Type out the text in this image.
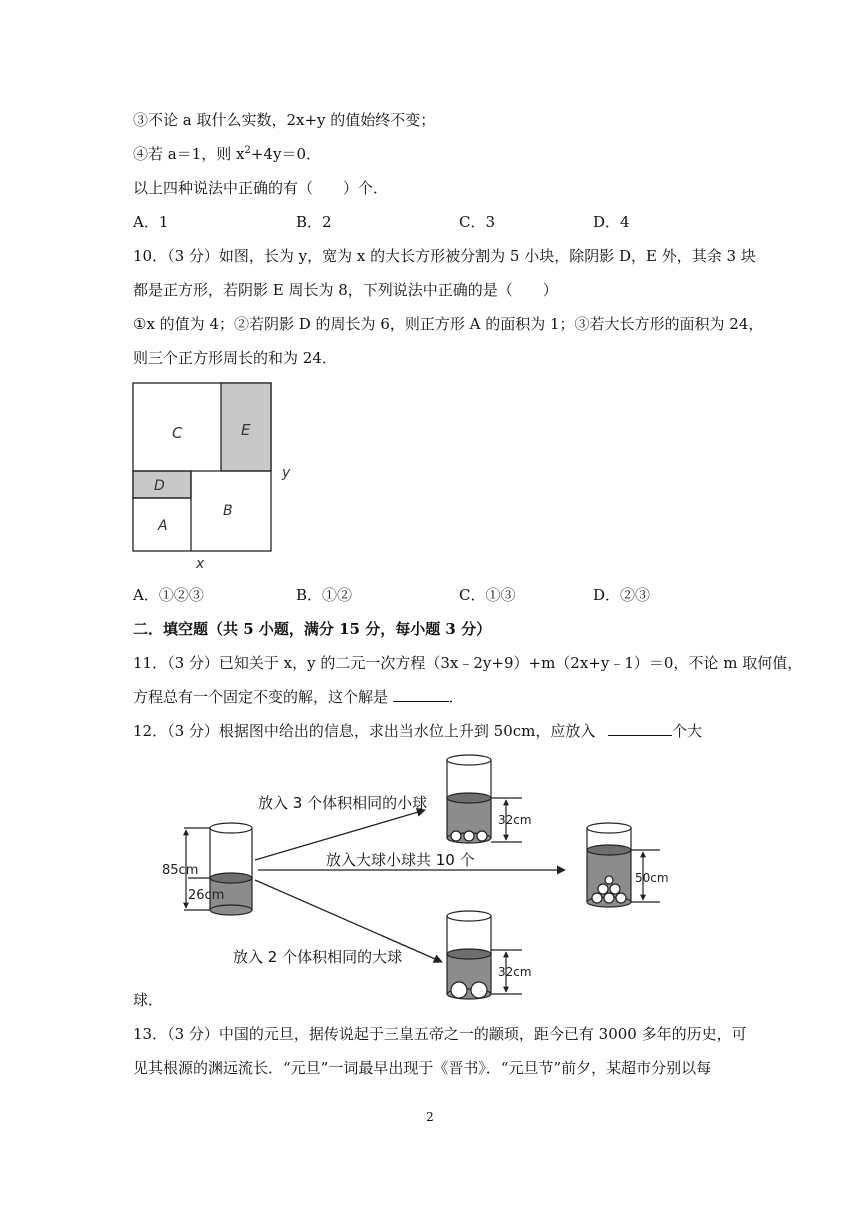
③不论 a 取什么实数，2x+y 的值始终不变；
④若 a＝1，则 $x^2+4y=0$．
以上四种说法中正确的有（　　）个．
A．1	B．2	C．3	D．4
10．（3 分）如图，长为 y，宽为 x 的大长方形被分割为 5 小块，除阴影 D，E 外，其余 3 块
都是正方形，若阴影 E 周长为 8，下列说法中正确的是（　　）
①x 的值为 4；②若阴影 D 的周长为 6，则正方形 A 的面积为 1；③若大长方形的面积为 24，
则三个正方形周长的和为 24．
C	E
D
A
B
x
y
A．①②③	B．①②	C．①③	D．②③
二．填空题（共 5 小题，满分 15 分，每小题 3 分）
11．（3 分）已知关于 x，y 的二元一次方程（3x﹣2y+9）+m（2x+y﹣1）＝0，不论 m 取何值，
方程总有一个固定不变的解，这个解是	．
12．（3 分）根据图中给出的信息，求出当水位上升到 50cm，应放入	个大
85cm
26cm
放入 3 个体积相同的小球
放入大球小球共 10 个
放入 2 个体积相同的大球
32cm
32cm
50cm
球．
13．（3 分）中国的元旦，据传说起于三皇五帝之一的颛顼，距今已有 3000 多年的历史，可
见其根源的渊远流长．“元旦”一词最早出现于《晋书》．“元旦节”前夕，某超市分别以每
2
